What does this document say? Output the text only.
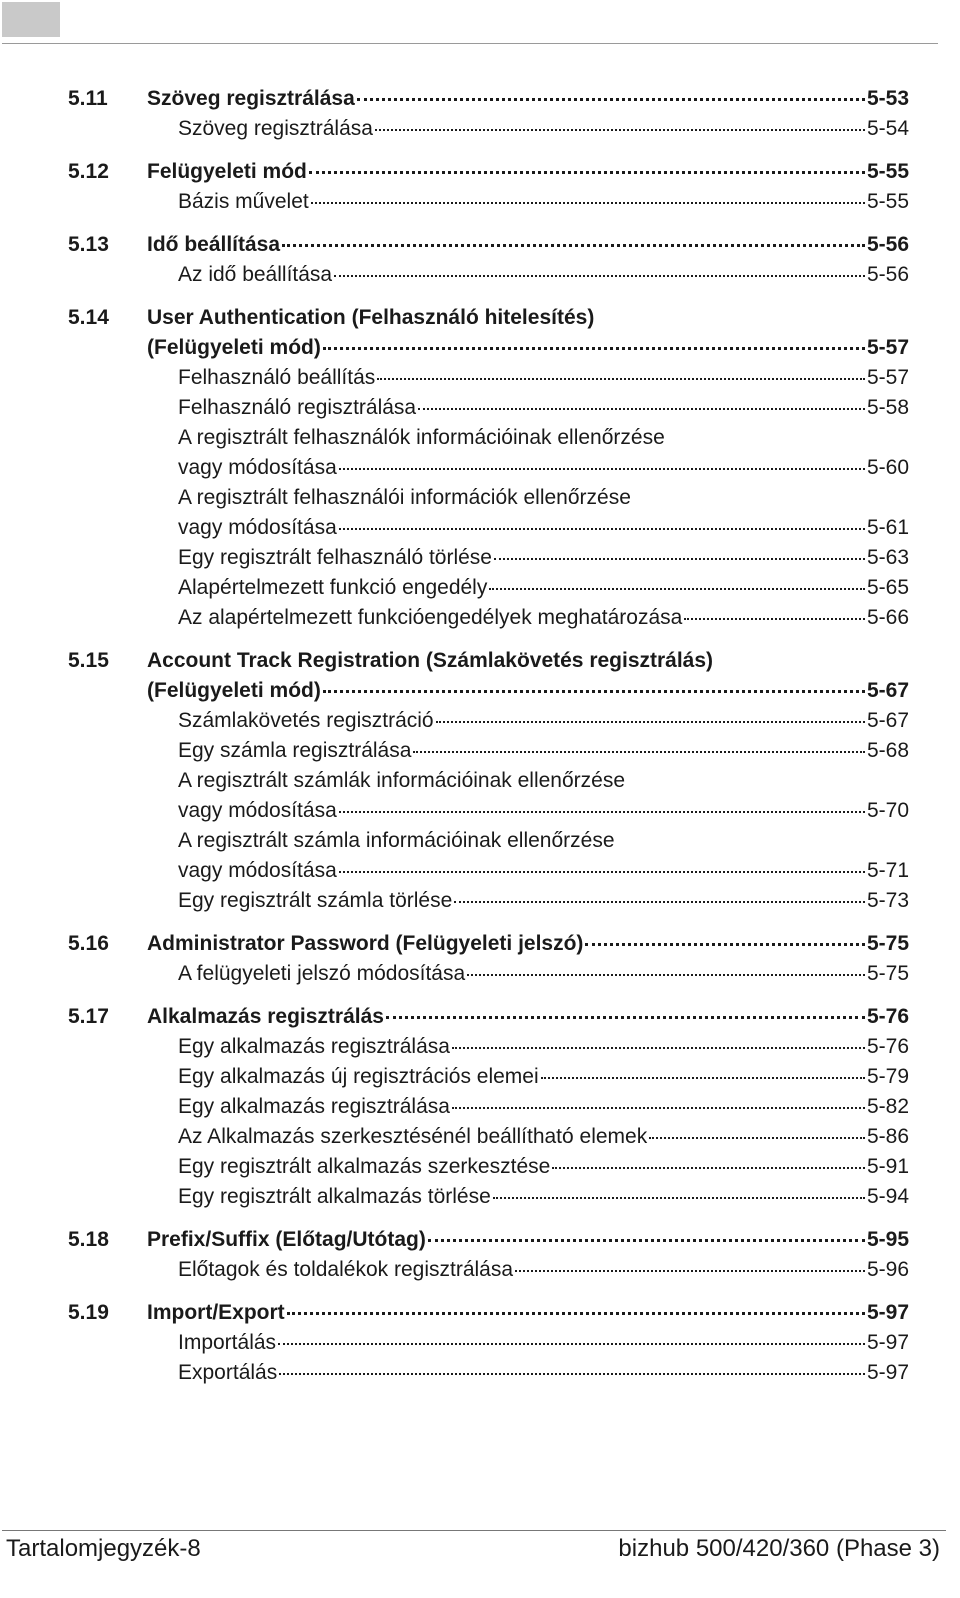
5.11 Szöveg regisztrálása	5-53
Szöveg regisztrálása	5-54
5.12 Felügyeleti mód	5-55
Bázis művelet	5-55
5.13 Idő beállítása	5-56
Az idő beállítása	5-56
5.14 User Authentication (Felhasználó hitelesítés)
(Felügyeleti mód)	5-57
Felhasználó beállítás	5-57
Felhasználó regisztrálása	5-58
A regisztrált felhasználók információinak ellenőrzése
vagy módosítása	5-60
A regisztrált felhasználói információk ellenőrzése
vagy módosítása	5-61
Egy regisztrált felhasználó törlése	5-63
Alapértelmezett funkció engedély	5-65
Az alapértelmezett funkcióengedélyek meghatározása	5-66
5.15 Account Track Registration (Számlakövetés regisztrálás)
(Felügyeleti mód)	5-67
Számlakövetés regisztráció	5-67
Egy számla regisztrálása	5-68
A regisztrált számlák információinak ellenőrzése
vagy módosítása	5-70
A regisztrált számla információinak ellenőrzése
vagy módosítása	5-71
Egy regisztrált számla törlése	5-73
5.16 Administrator Password (Felügyeleti jelszó)	5-75
A felügyeleti jelszó módosítása	5-75
5.17 Alkalmazás regisztrálás	5-76
Egy alkalmazás regisztrálása	5-76
Egy alkalmazás új regisztrációs elemei	5-79
Egy alkalmazás regisztrálása	5-82
Az Alkalmazás szerkesztésénél beállítható elemek	5-86
Egy regisztrált alkalmazás szerkesztése	5-91
Egy regisztrált alkalmazás törlése	5-94
5.18 Prefix/Suffix (Előtag/Utótag)	5-95
Előtagok és toldalékok regisztrálása	5-96
5.19 Import/Export	5-97
Importálás	5-97
Exportálás	5-97
Tartalomjegyzék-8	bizhub 500/420/360 (Phase 3)
